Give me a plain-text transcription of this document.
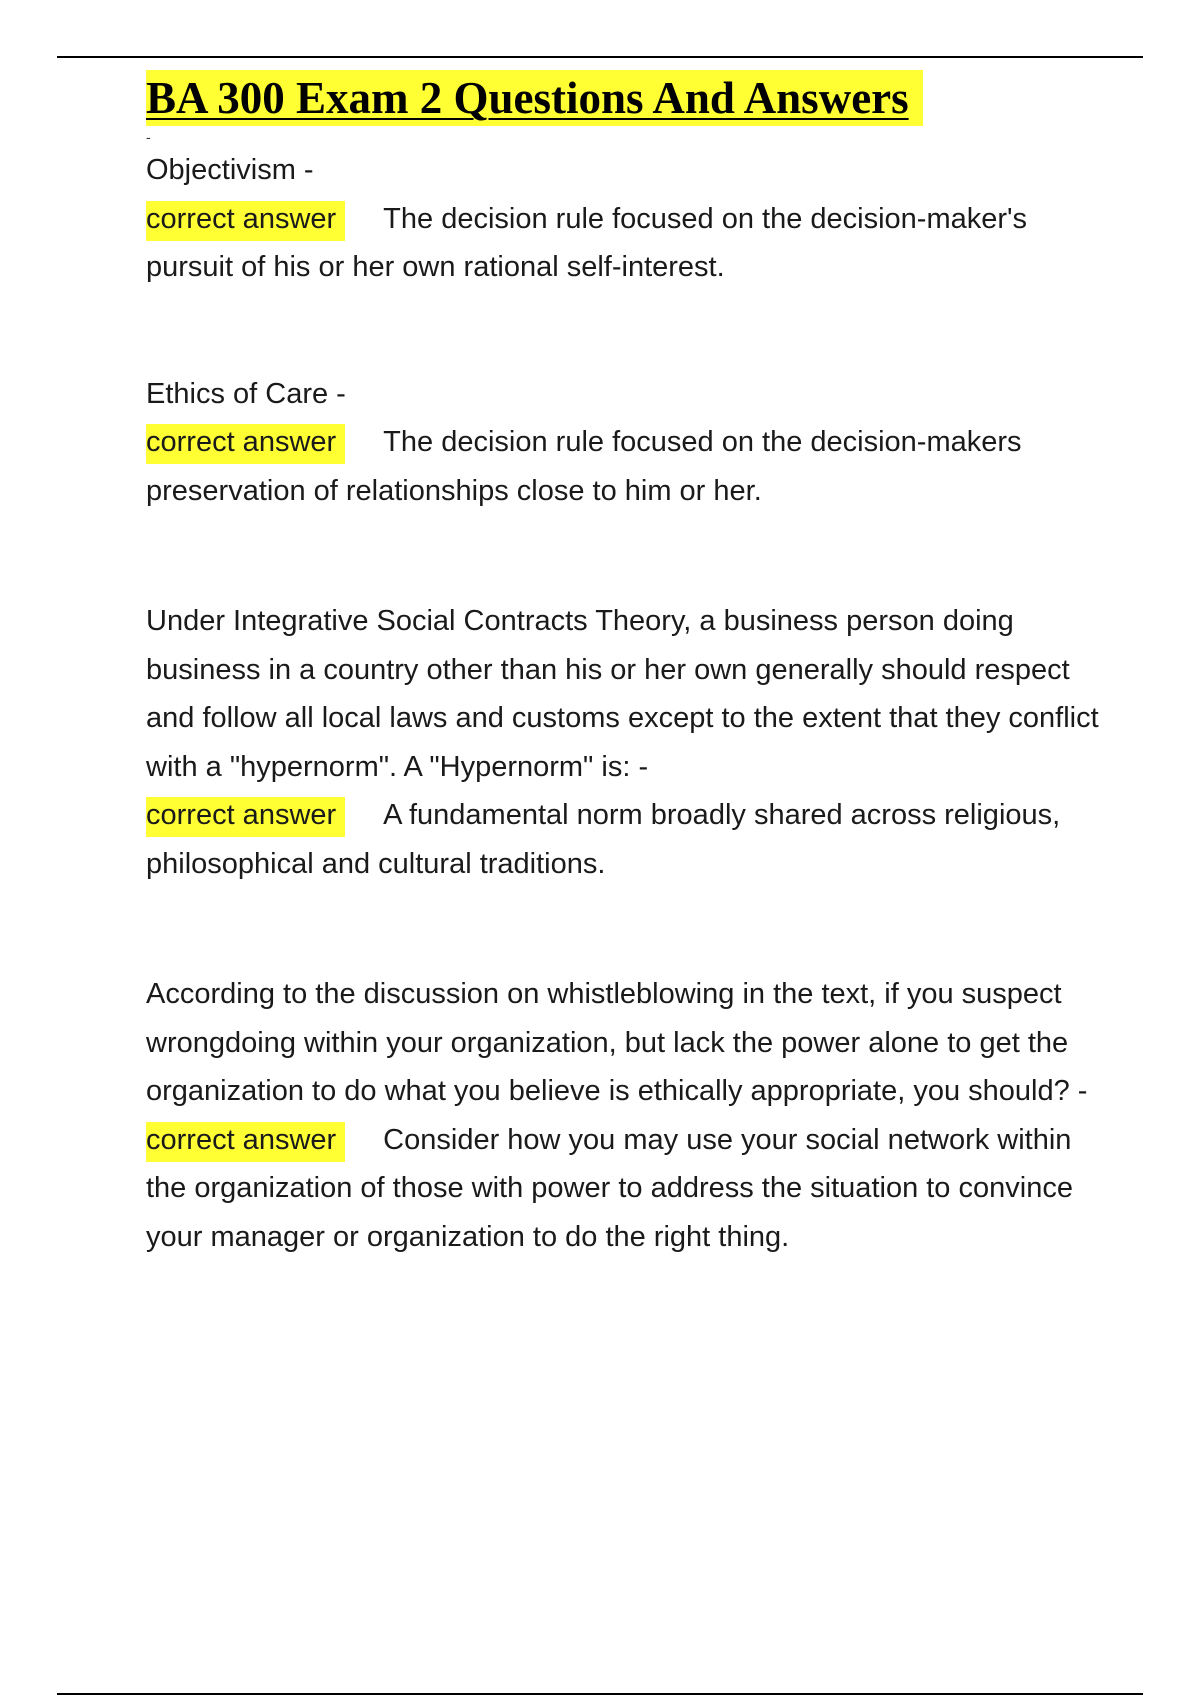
BA 300 Exam 2 Questions And Answers
-

Objectivism -

correct answer The decision rule focused on the decision-maker's pursuit of his or her own rational self-interest.

Ethics of Care -

correct answer The decision rule focused on the decision-makers preservation of relationships close to him or her.

Under Integrative Social Contracts Theory, a business person doing business in a country other than his or her own generally should respect and follow all local laws and customs except to the extent that they conflict with a "hypernorm". A "Hypernorm" is: -

correct answer A fundamental norm broadly shared across religious, philosophical and cultural traditions.

According to the discussion on whistleblowing in the text, if you suspect wrongdoing within your organization, but lack the power alone to get the organization to do what you believe is ethically appropriate, you should? -

correct answer Consider how you may use your social network within the organization of those with power to address the situation to convince your manager or organization to do the right thing.
